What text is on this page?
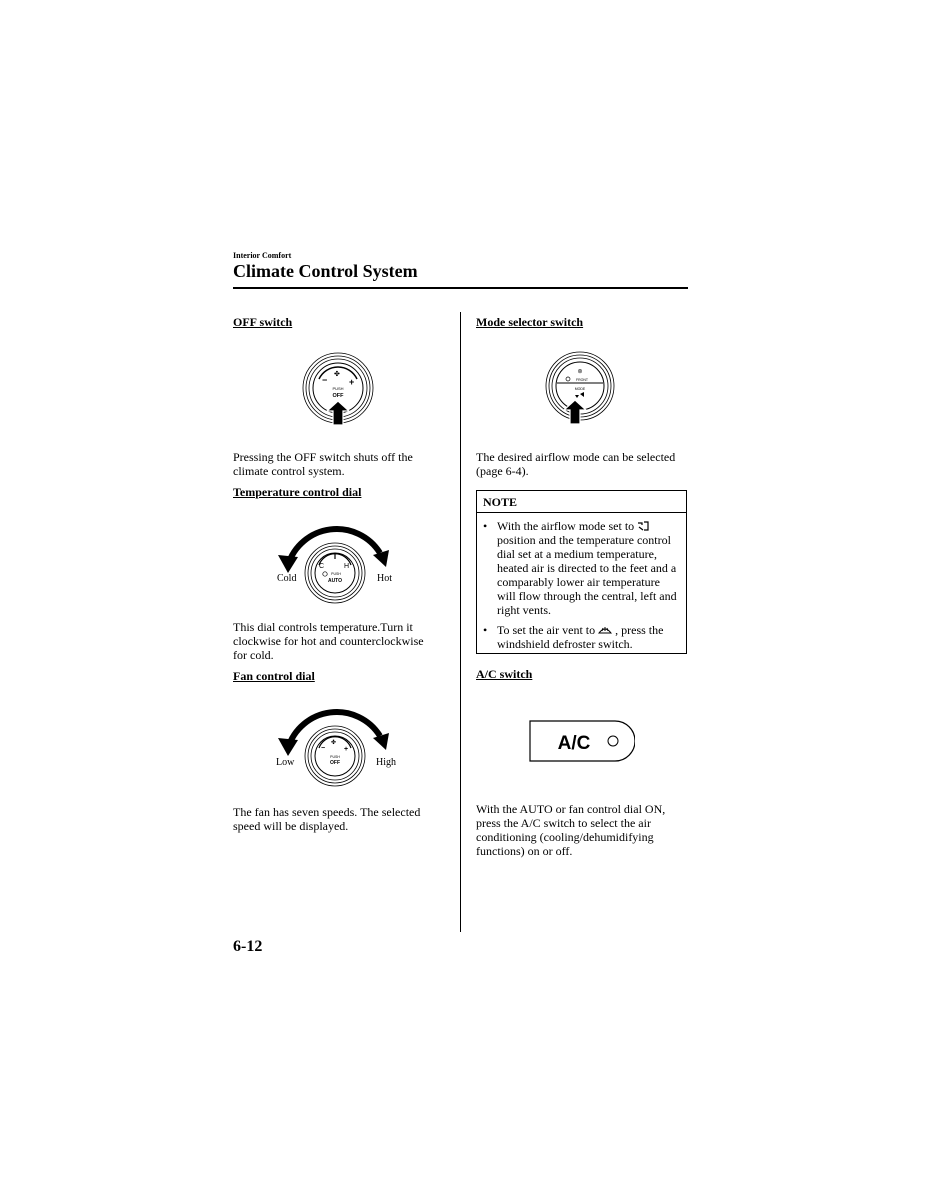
Interior Comfort
Climate Control System
OFF switch
− +
✤
PUSH
OFF
Pressing the OFF switch shuts off the
climate control system.
Temperature control dial
C	H
PUSH
AUTO
Cold	Hot
This dial controls temperature.Turn it
clockwise for hot and counterclockwise
for cold.
Fan control dial
−	+
✤
PUSH
OFF
Low	High
The fan has seven speeds. The selected
speed will be displayed.
Mode selector switch
⊚
FRONT
MODE
The desired airflow mode can be selected
(page 6-4).
NOTE
• With the airflow mode set to
position and the temperature control
dial set at a medium temperature,
heated air is directed to the feet and a
comparably lower air temperature
will flow through the central, left and
right vents.
• To set the air vent to , press the
windshield defroster switch.
A/C switch
A/C
With the AUTO or fan control dial ON,
press the A/C switch to select the air
conditioning (cooling/dehumidifying
functions) on or off.
6-12
